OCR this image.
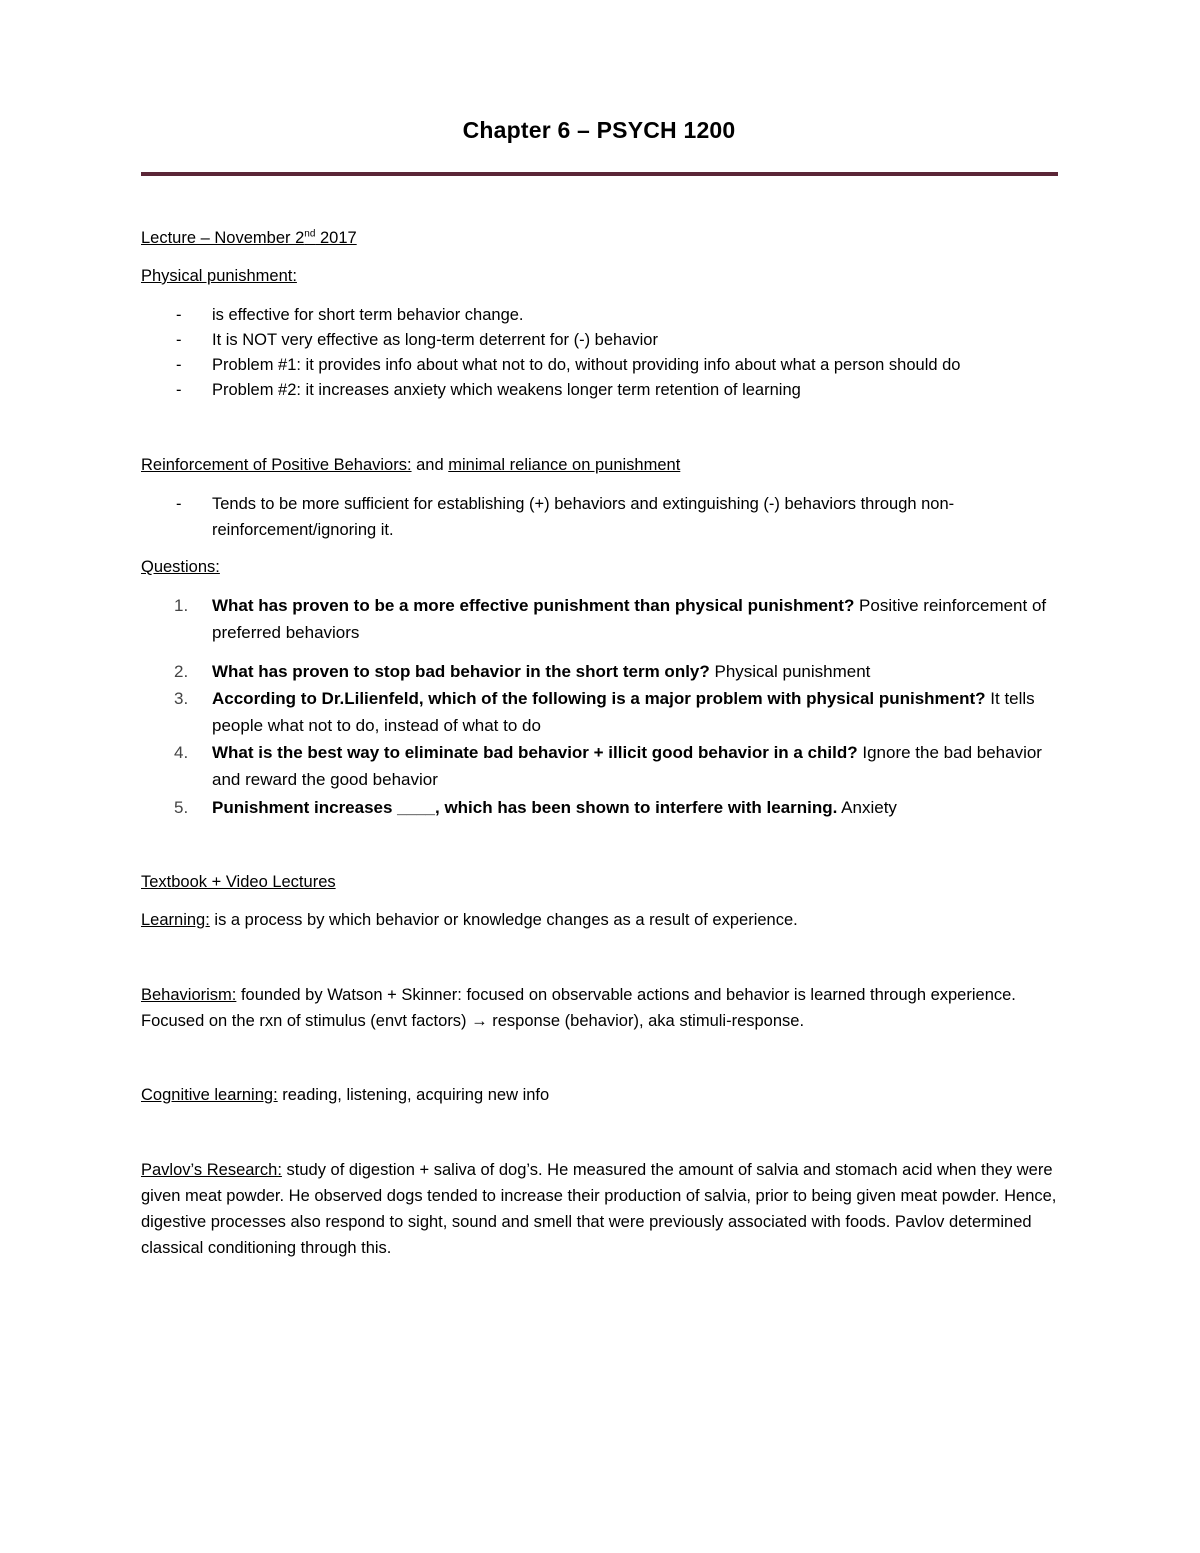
Chapter 6 – PSYCH 1200
Lecture – November 2nd 2017
Physical punishment:
- is effective for short term behavior change.
- It is NOT very effective as long-term deterrent for (-) behavior
- Problem #1: it provides info about what not to do, without providing info about what a person should do
- Problem #2: it increases anxiety which weakens longer term retention of learning
Reinforcement of Positive Behaviors: and minimal reliance on punishment
- Tends to be more sufficient for establishing (+) behaviors and extinguishing (-) behaviors through non-
reinforcement/ignoring it.
Questions:
1. What has proven to be a more effective punishment than physical punishment? Positive reinforcement of preferred behaviors
2. What has proven to stop bad behavior in the short term only? Physical punishment
3. According to Dr.Lilienfeld, which of the following is a major problem with physical punishment? It tells people what not to do, instead of what to do
4. What is the best way to eliminate bad behavior + illicit good behavior in a child? Ignore the bad behavior and reward the good behavior
5. Punishment increases ____, which has been shown to interfere with learning. Anxiety
Textbook + Video Lectures
Learning: is a process by which behavior or knowledge changes as a result of experience.
Behaviorism: founded by Watson + Skinner: focused on observable actions and behavior is learned through experience. Focused on the rxn of stimulus (envt factors) → response (behavior), aka stimuli-response.
Cognitive learning: reading, listening, acquiring new info
Pavlov’s Research: study of digestion + saliva of dog’s. He measured the amount of salvia and stomach acid when they were given meat powder. He observed dogs tended to increase their production of salvia, prior to being given meat powder. Hence, digestive processes also respond to sight, sound and smell that were previously associated with foods. Pavlov determined classical conditioning through this.
